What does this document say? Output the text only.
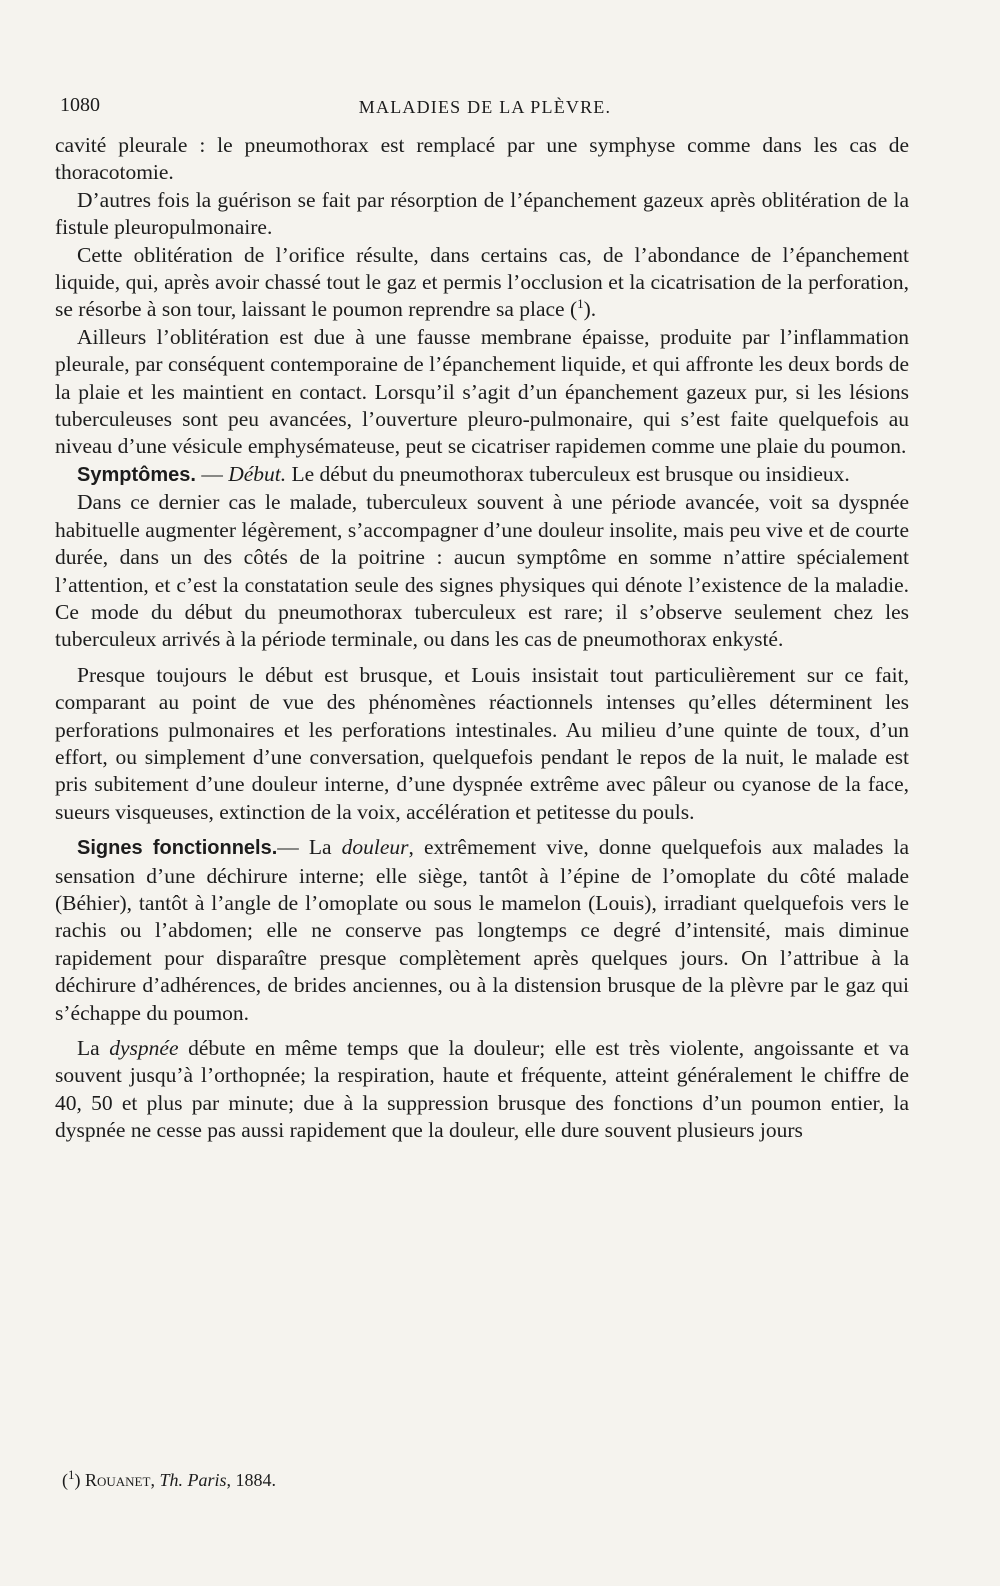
1080	MALADIES DE LA PLÈVRE.

cavité pleurale : le pneumothorax est remplacé par une symphyse comme dans les cas de thoracotomie.

D’autres fois la guérison se fait par résorption de l’épanchement gazeux après oblitération de la fistule pleuropulmonaire.

Cette oblitération de l’orifice résulte, dans certains cas, de l’abondance de l’épanchement liquide, qui, après avoir chassé tout le gaz et permis l’occlusion et la cicatrisation de la perforation, se résorbe à son tour, laissant le poumon reprendre sa place ($^1$).

Ailleurs l’oblitération est due à une fausse membrane épaisse, produite par l’inflammation pleurale, par conséquent contemporaine de l’épanchement liquide, et qui affronte les deux bords de la plaie et les maintient en contact. Lorsqu’il s’agit d’un épanchement gazeux pur, si les lésions tuberculeuses sont peu avancées, l’ouverture pleuro-pulmonaire, qui s’est faite quelquefois au niveau d’une vésicule emphysémateuse, peut se cicatriser rapidemen comme une plaie du poumon.

Symptômes. — Début. Le début du pneumothorax tuberculeux est brusque ou insidieux.

Dans ce dernier cas le malade, tuberculeux souvent à une période avancée, voit sa dyspnée habituelle augmenter légèrement, s’accompagner d’une douleur insolite, mais peu vive et de courte durée, dans un des côtés de la poitrine : aucun symptôme en somme n’attire spécialement l’attention, et c’est la constatation seule des signes physiques qui dénote l’existence de la maladie. Ce mode du début du pneumothorax tuberculeux est rare; il s’observe seulement chez les tuberculeux arrivés à la période terminale, ou dans les cas de pneumothorax enkysté.

Presque toujours le début est brusque, et Louis insistait tout particulièrement sur ce fait, comparant au point de vue des phénomènes réactionnels intenses qu’elles déterminent les perforations pulmonaires et les perforations intestinales. Au milieu d’une quinte de toux, d’un effort, ou simplement d’une conversation, quelquefois pendant le repos de la nuit, le malade est pris subitement d’une douleur interne, d’une dyspnée extrême avec pâleur ou cyanose de la face, sueurs visqueuses, extinction de la voix, accélération et petitesse du pouls.

Signes fonctionnels.— La douleur, extrêmement vive, donne quelquefois aux malades la sensation d’une déchirure interne; elle siège, tantôt à l’épine de l’omoplate du côté malade (Béhier), tantôt à l’angle de l’omoplate ou sous le mamelon (Louis), irradiant quelquefois vers le rachis ou l’abdomen; elle ne conserve pas longtemps ce degré d’intensité, mais diminue rapidement pour disparaître presque complètement après quelques jours. On l’attribue à la déchirure d’adhérences, de brides anciennes, ou à la distension brusque de la plèvre par le gaz qui s’échappe du poumon.

La dyspnée débute en même temps que la douleur; elle est très violente, angoissante et va souvent jusqu’à l’orthopnée; la respiration, haute et fréquente, atteint généralement le chiffre de 40, 50 et plus par minute; due à la suppression brusque des fonctions d’un poumon entier, la dyspnée ne cesse pas aussi rapidement que la douleur, elle dure souvent plusieurs jours

($^1$) Rouanet, Th. Paris, 1884.
